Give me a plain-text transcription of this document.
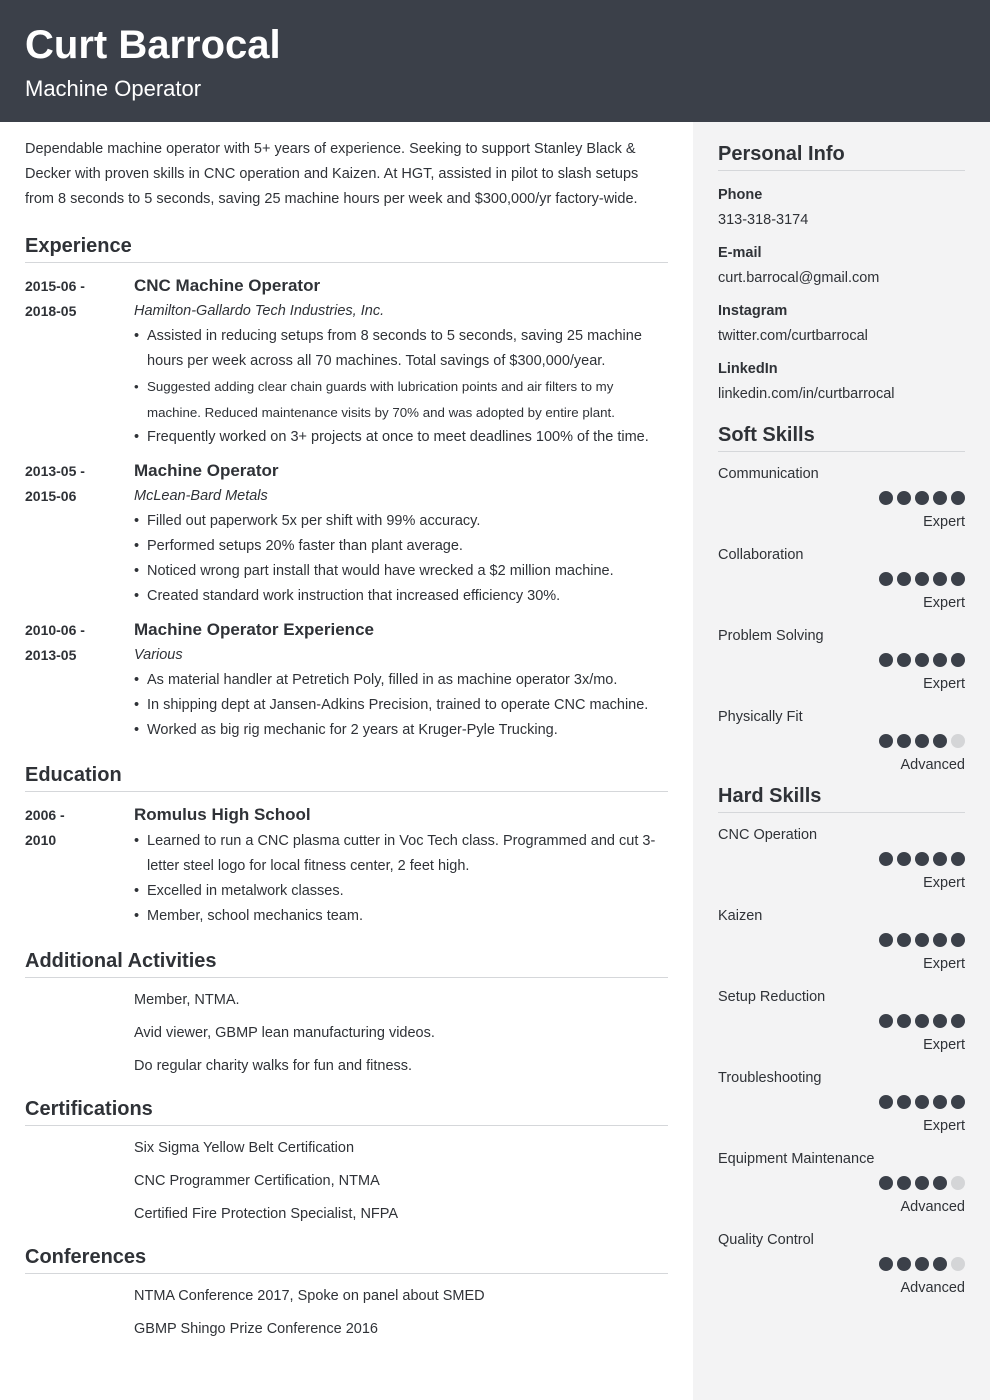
Curt Barrocal
Machine Operator
Dependable machine operator with 5+ years of experience. Seeking to support Stanley Black & Decker with proven skills in CNC operation and Kaizen. At HGT, assisted in pilot to slash setups from 8 seconds to 5 seconds, saving 25 machine hours per week and $300,000/yr factory-wide.
Experience
2015-06 -
2018-05
CNC Machine Operator
Hamilton-Gallardo Tech Industries, Inc.
• Assisted in reducing setups from 8 seconds to 5 seconds, saving 25 machine hours per week across all 70 machines. Total savings of $300,000/year.
• Suggested adding clear chain guards with lubrication points and air filters to my machine. Reduced maintenance visits by 70% and was adopted by entire plant.
• Frequently worked on 3+ projects at once to meet deadlines 100% of the time.
2013-05 -
2015-06
Machine Operator
McLean-Bard Metals
• Filled out paperwork 5x per shift with 99% accuracy.
• Performed setups 20% faster than plant average.
• Noticed wrong part install that would have wrecked a $2 million machine.
• Created standard work instruction that increased efficiency 30%.
2010-06 -
2013-05
Machine Operator Experience
Various
• As material handler at Petretich Poly, filled in as machine operator 3x/mo.
• In shipping dept at Jansen-Adkins Precision, trained to operate CNC machine.
• Worked as big rig mechanic for 2 years at Kruger-Pyle Trucking.
Education
2006 -
2010
Romulus High School
• Learned to run a CNC plasma cutter in Voc Tech class. Programmed and cut 3-letter steel logo for local fitness center, 2 feet high.
• Excelled in metalwork classes.
• Member, school mechanics team.
Additional Activities
Member, NTMA.
Avid viewer, GBMP lean manufacturing videos.
Do regular charity walks for fun and fitness.
Certifications
Six Sigma Yellow Belt Certification
CNC Programmer Certification, NTMA
Certified Fire Protection Specialist, NFPA
Conferences
NTMA Conference 2017, Spoke on panel about SMED
GBMP Shingo Prize Conference 2016
Personal Info
Phone
313-318-3174
E-mail
curt.barrocal@gmail.com
Instagram
twitter.com/curtbarrocal
LinkedIn
linkedin.com/in/curtbarrocal
Soft Skills
Communication
Expert
Collaboration
Expert
Problem Solving
Expert
Physically Fit
Advanced
Hard Skills
CNC Operation
Expert
Kaizen
Expert
Setup Reduction
Expert
Troubleshooting
Expert
Equipment Maintenance
Advanced
Quality Control
Advanced
